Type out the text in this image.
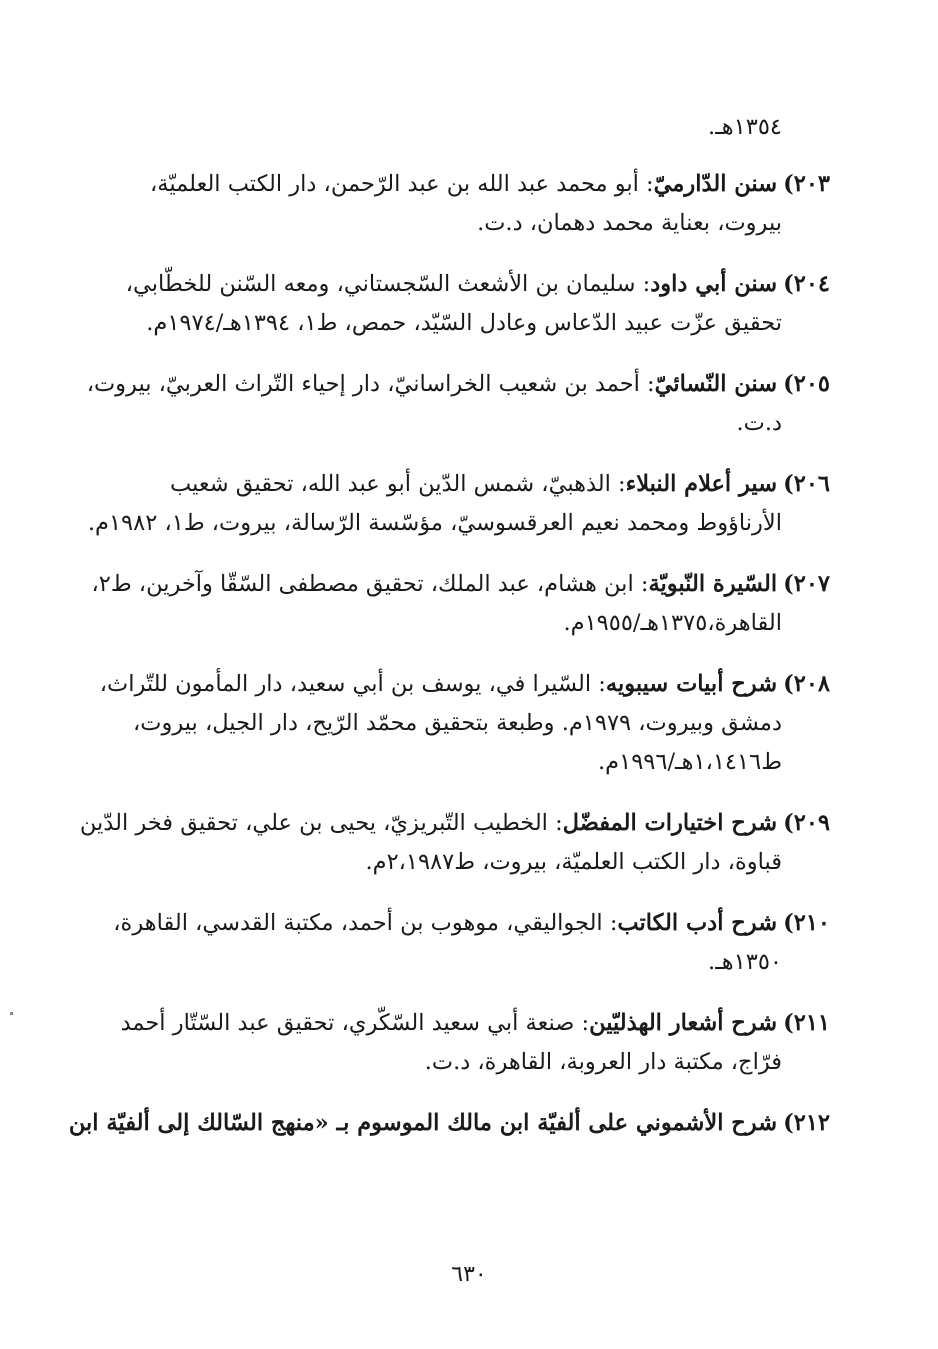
١٣٥٤هـ.
٢٠٣)سنن الدّارميّ: أبو محمد عبد الله بن عبد الرّحمن، دار الكتب العلميّة،
بيروت، بعناية محمد دهمان، د.ت.
٢٠٤)سنن أبي داود: سليمان بن الأشعث السّجستاني، ومعه السّنن للخطّابي،
تحقيق عزّت عبيد الدّعاس وعادل السّيّد، حمص، ط١، ١٣٩٤هـ/١٩٧٤م.
٢٠٥)سنن النّسائيّ: أحمد بن شعيب الخراسانيّ، دار إحياء التّراث العربيّ، بيروت،
د.ت.
٢٠٦)سير أعلام النبلاء: الذهبيّ، شمس الدّين أبو عبد الله، تحقيق شعيب
الأرناؤوط ومحمد نعيم العرقسوسيّ، مؤسّسة الرّسالة، بيروت، ط١، ١٩٨٢م.
٢٠٧)السّيرة النّبويّة: ابن هشام، عبد الملك، تحقيق مصطفى السّقّا وآخرين، ط٢،
القاهرة،١٣٧٥هـ/١٩٥٥م.
٢٠٨)شرح أبيات سيبويه: السّيرا في، يوسف بن أبي سعيد، دار المأمون للتّراث،
دمشق وبيروت، ١٩٧٩م. وطبعة بتحقيق محمّد الرّيح، دار الجيل، بيروت،
ط١،١٤١٦هـ/١٩٩٦م.
٢٠٩)شرح اختيارات المفضّل: الخطيب التّبريزيّ، يحيى بن علي، تحقيق فخر الدّين
قباوة، دار الكتب العلميّة، بيروت، ط٢،١٩٨٧م.
٢١٠)شرح أدب الكاتب: الجواليقي، موهوب بن أحمد، مكتبة القدسي، القاهرة،
١٣٥٠هـ.
٢١١)شرح أشعار الهذليّين: صنعة أبي سعيد السّكّري، تحقيق عبد السّتّار أحمد
فرّاج، مكتبة دار العروبة، القاهرة، د.ت.
٢١٢)شرح الأشموني على ألفيّة ابن مالك الموسوم بـ «منهج السّالك إلى ألفيّة ابن
٦٣٠
